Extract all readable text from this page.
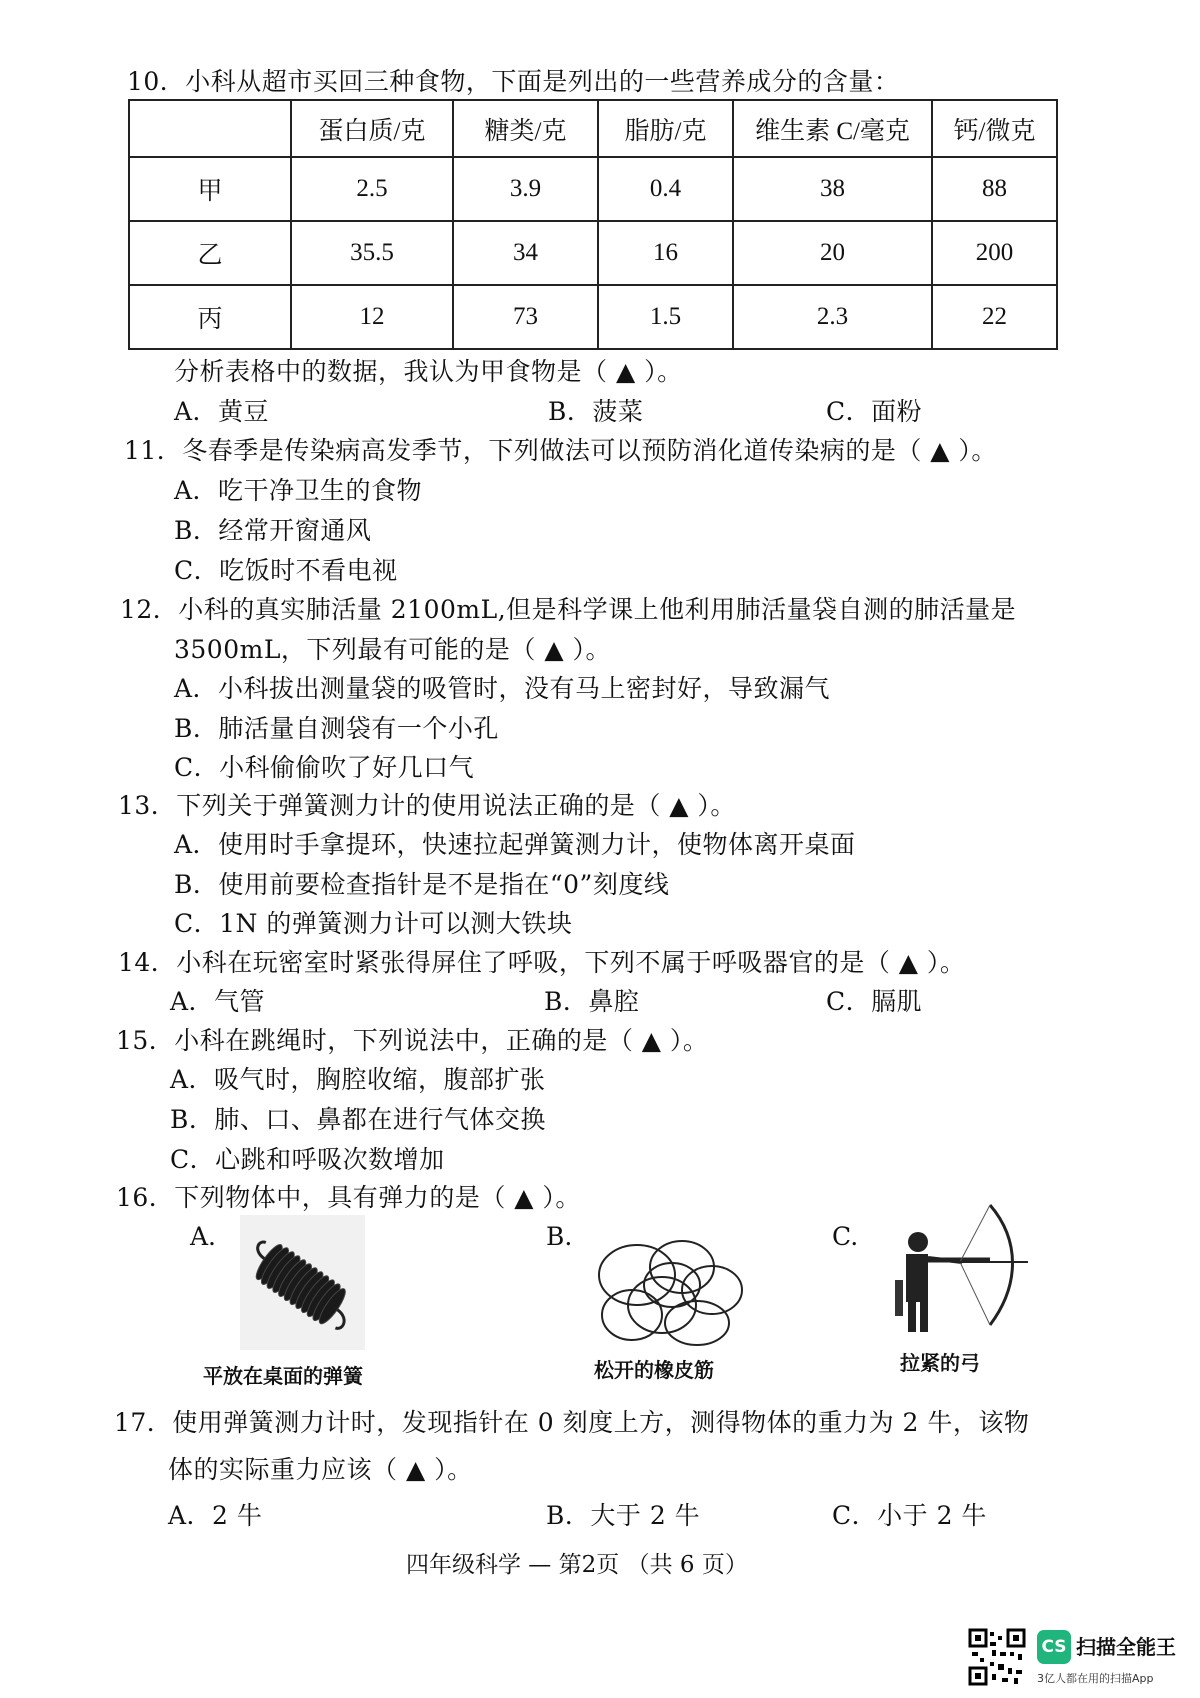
10．小科从超市买回三种食物，下面是列出的一些营养成分的含量：
	蛋白质/克	糖类/克	脂肪/克	维生素 C/毫克	钙/微克
甲	2.5	3.9	0.4	38	88
乙	35.5	34	16	20	200
丙	12	73	1.5	2.3	22
分析表格中的数据，我认为甲食物是（ ▲ ）。
A．黄豆	B．菠菜	C．面粉
11．冬春季是传染病高发季节，下列做法可以预防消化道传染病的是（ ▲ ）。
A．吃干净卫生的食物
B．经常开窗通风
C．吃饭时不看电视
12．小科的真实肺活量 2100mL,但是科学课上他利用肺活量袋自测的肺活量是
3500mL，下列最有可能的是（ ▲ ）。
A．小科拔出测量袋的吸管时，没有马上密封好，导致漏气
B．肺活量自测袋有一个小孔
C．小科偷偷吹了好几口气
13．下列关于弹簧测力计的使用说法正确的是（ ▲ ）。
A．使用时手拿提环，快速拉起弹簧测力计，使物体离开桌面
B．使用前要检查指针是不是指在“0”刻度线
C．1N 的弹簧测力计可以测大铁块
14．小科在玩密室时紧张得屏住了呼吸，下列不属于呼吸器官的是（ ▲ ）。
A．气管	B．鼻腔	C．膈肌
15．小科在跳绳时，下列说法中，正确的是（ ▲ ）。
A．吸气时，胸腔收缩，腹部扩张
B．肺、口、鼻都在进行气体交换
C．心跳和呼吸次数增加
16．下列物体中，具有弹力的是（ ▲ ）。
A.
平放在桌面的弹簧
B.
松开的橡皮筋
C.
拉紧的弓
17．使用弹簧测力计时，发现指针在 0 刻度上方，测得物体的重力为 2 牛，该物
体的实际重力应该（ ▲ ）。
A．2 牛	B．大于 2 牛	C．小于 2 牛
四年级科学 — 第2页 （共 6 页）
CS 扫描全能王
3亿人都在用的扫描App
